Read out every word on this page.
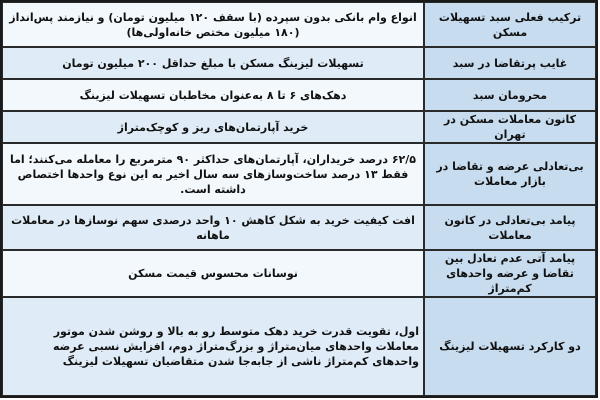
ترکیب فعلی سبد تسهیلات مسکن	انواع وام بانکی بدون سپرده (با سقف ۱۲۰ میلیون تومان) و نیازمند پس‌انداز (۱۸۰ میلیون مختص خانه‌اولی‌ها)
غایب پرتقاضا در سبد	تسهیلات لیزینگ مسکن با مبلغ حداقل ۲۰۰ میلیون تومان
محرومان سبد	دهک‌های ۶ تا ۸ به‌عنوان مخاطبان تسهیلات لیزینگ
کانون معاملات مسکن در تهران	خرید آپارتمان‌های ریز و کوچک‌متراژ
بی‌تعادلی عرضه و تقاضا در بازار معاملات	۶۲/۵ درصد خریداران، آپارتمان‌های حداکثر ۹۰ مترمربع را معامله می‌کنند؛ اما فقط ۱۳ درصد ساخت‌وسازهای سه سال اخیر به این نوع واحدها اختصاص داشته است.
پیامد بی‌تعادلی در کانون معاملات	افت کیفیت خرید به شکل کاهش ۱۰ واحد درصدی سهم نوسازها در معاملات ماهانه
پیامد آتی عدم تعادل بین تقاضا و عرضه واحدهای کم‌متراژ	نوسانات محسوس قیمت مسکن
دو کارکرد تسهیلات لیزینگ	اول، تقویت قدرت خرید دهک متوسط رو به بالا و روشن شدن موتور معاملات واحدهای میان‌متراژ و بزرگ‌متراژ دوم، افزایش نسبی عرضه واحدهای کم‌متراژ ناشی از جابه‌جا شدن متقاضیان تسهیلات لیزینگ
